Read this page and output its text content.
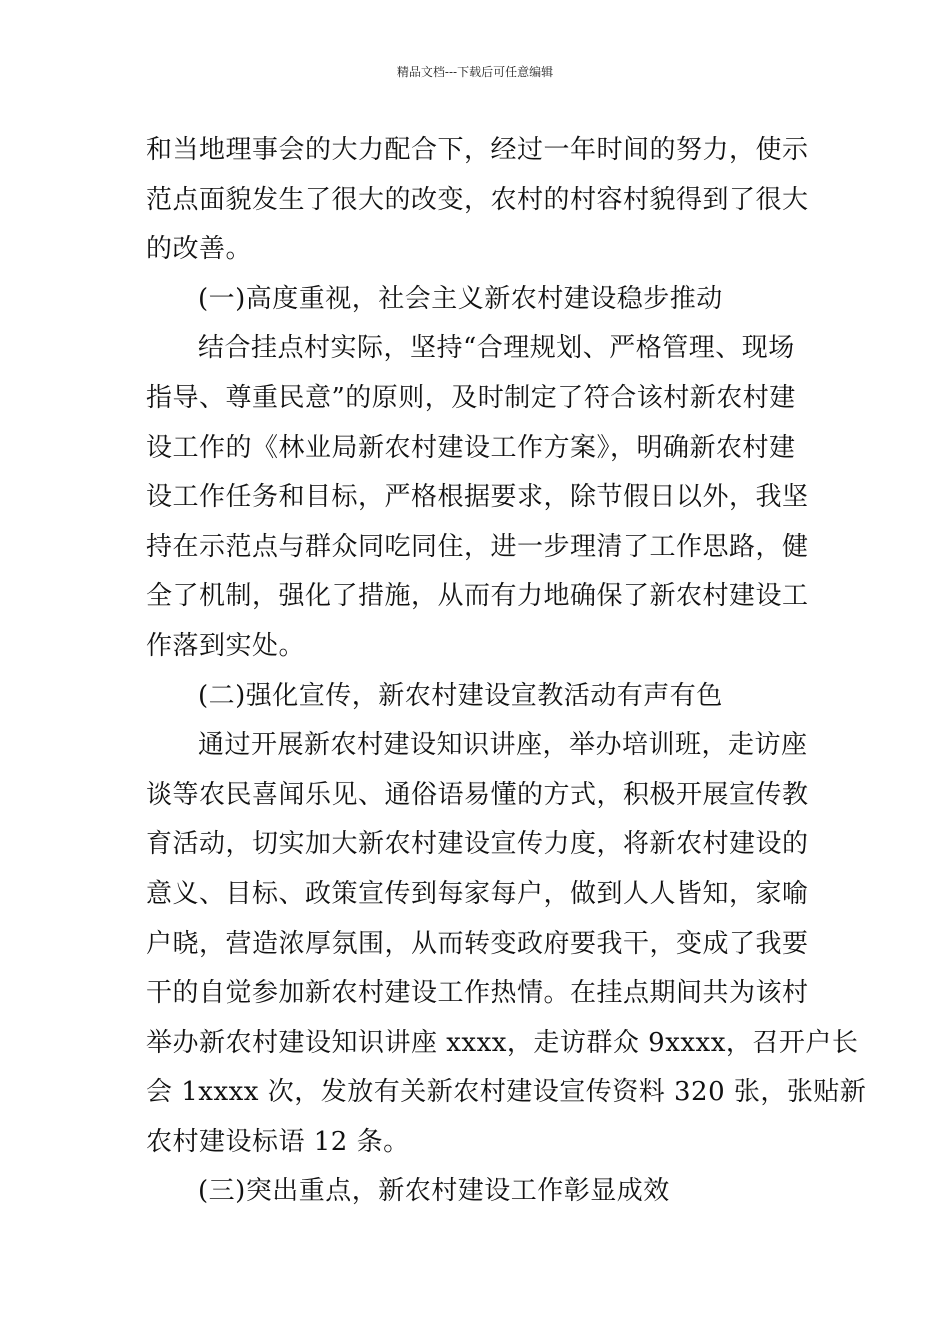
精品文档---下载后可任意编辑
和当地理事会的大力配合下，经过一年时间的努力，使示
范点面貌发生了很大的改变，农村的村容村貌得到了很大
的改善。
(一)高度重视，社会主义新农村建设稳步推动
结合挂点村实际，坚持“合理规划、严格管理、现场
指导、尊重民意”的原则，及时制定了符合该村新农村建
设工作的《林业局新农村建设工作方案》，明确新农村建
设工作任务和目标，严格根据要求，除节假日以外，我坚
持在示范点与群众同吃同住，进一步理清了工作思路，健
全了机制，强化了措施，从而有力地确保了新农村建设工
作落到实处。
(二)强化宣传，新农村建设宣教活动有声有色
通过开展新农村建设知识讲座，举办培训班，走访座
谈等农民喜闻乐见、通俗语易懂的方式，积极开展宣传教
育活动，切实加大新农村建设宣传力度，将新农村建设的
意义、目标、政策宣传到每家每户，做到人人皆知，家喻
户晓，营造浓厚氛围，从而转变政府要我干，变成了我要
干的自觉参加新农村建设工作热情。在挂点期间共为该村
举办新农村建设知识讲座 xxxx，走访群众 9xxxx，召开户长
会 1xxxx 次，发放有关新农村建设宣传资料 320 张，张贴新
农村建设标语 12 条。
(三)突出重点，新农村建设工作彰显成效
